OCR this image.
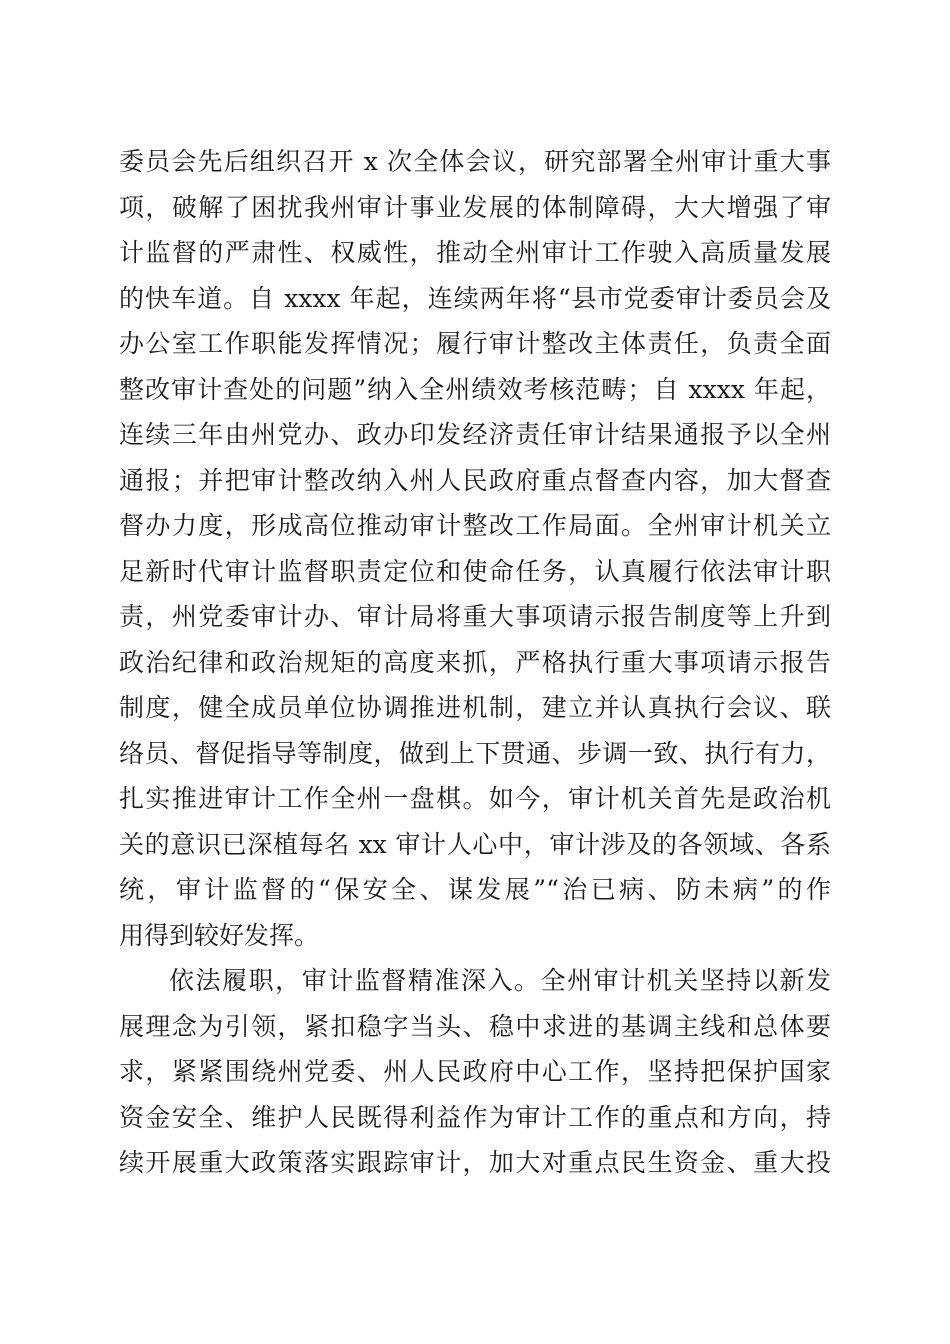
委员会先后组织召开 x 次全体会议，研究部署全州审计重大事

项，破解了困扰我州审计事业发展的体制障碍，大大增强了审

计监督的严肃性、权威性，推动全州审计工作驶入高质量发展

的快车道。自 xxxx 年起，连续两年将“县市党委审计委员会及

办公室工作职能发挥情况；履行审计整改主体责任，负责全面

整改审计查处的问题”纳入全州绩效考核范畴；自 xxxx 年起，

连续三年由州党办、政办印发经济责任审计结果通报予以全州

通报；并把审计整改纳入州人民政府重点督查内容，加大督查

督办力度，形成高位推动审计整改工作局面。全州审计机关立

足新时代审计监督职责定位和使命任务，认真履行依法审计职

责，州党委审计办、审计局将重大事项请示报告制度等上升到

政治纪律和政治规矩的高度来抓，严格执行重大事项请示报告

制度，健全成员单位协调推进机制，建立并认真执行会议、联

络员、督促指导等制度，做到上下贯通、步调一致、执行有力，

扎实推进审计工作全州一盘棋。如今，审计机关首先是政治机

关的意识已深植每名 xx 审计人心中，审计涉及的各领域、各系

统，审计监督的“保安全、谋发展”“治已病、防未病”的作

用得到较好发挥。

依法履职，审计监督精准深入。全州审计机关坚持以新发

展理念为引领，紧扣稳字当头、稳中求进的基调主线和总体要

求，紧紧围绕州党委、州人民政府中心工作，坚持把保护国家

资金安全、维护人民既得利益作为审计工作的重点和方向，持

续开展重大政策落实跟踪审计，加大对重点民生资金、重大投
